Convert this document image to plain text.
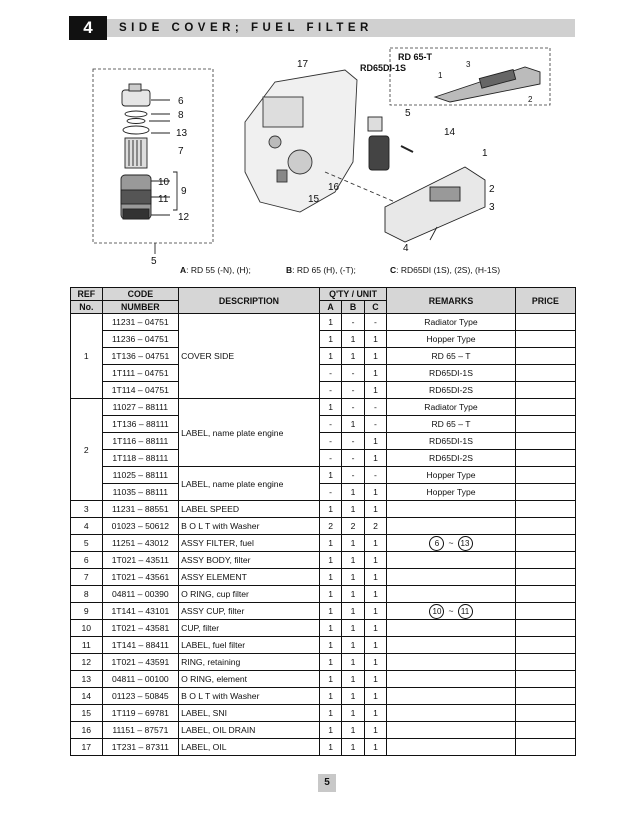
4	SIDE COVER; FUEL FILTER
6
8
13
7
10
9
11
12
5
17
5
14
1
2
3
4
16
15
RD 65-T
RD65DI-1S	3
1
2
A: RD 55 (-N), (H);	B: RD 65 (H), (-T);	C: RD65DI (1S), (2S), (H-1S)
REF	CODE	DESCRIPTION	Q'TY / UNIT			REMARKS	PRICE
No.	NUMBER		A	B	C		
1	11231 – 04751	COVER SIDE	1	-	-	Radiator Type	
	11236 – 04751		1	1	1	Hopper Type	
	1T136 – 04751		1	1	1	RD 65 – T	
	1T111 – 04751		-	-	1	RD65DI-1S	
	1T114 – 04751		-	-	1	RD65DI-2S	
2	11027 – 88111	LABEL, name plate engine	1	-	-	Radiator Type	
	1T136 – 88111		-	1	-	RD 65 – T	
	1T116 – 88111		-	-	1	RD65DI-1S	
	1T118 – 88111		-	-	1	RD65DI-2S	
	11025 – 88111	LABEL, name plate engine	1	-	-	Hopper Type	
	11035 – 88111		-	1	1	Hopper Type	
3	11231 – 88551	LABEL SPEED	1	1	1		
4	01023 – 50612	B O L T with Washer	2	2	2		
5	11251 – 43012	ASSY FILTER, fuel	1	1	1	6 ~ 13	
6	1T021 – 43511	ASSY BODY, filter	1	1	1		
7	1T021 – 43561	ASSY ELEMENT	1	1	1		
8	04811 – 00390	O RING, cup filter	1	1	1		
9	1T141 – 43101	ASSY CUP, filter	1	1	1	10 ~ 11	
10	1T021 – 43581	CUP, filter	1	1	1		
11	1T141 – 88411	LABEL, fuel filter	1	1	1		
12	1T021 – 43591	RING, retaining	1	1	1		
13	04811 – 00100	O RING, element	1	1	1		
14	01123 – 50845	B O L T with Washer	1	1	1		
15	1T119 – 69781	LABEL, SNI	1	1	1		
16	11151 – 87571	LABEL, OIL DRAIN	1	1	1		
17	1T231 – 87311	LABEL, OIL	1	1	1		
5
